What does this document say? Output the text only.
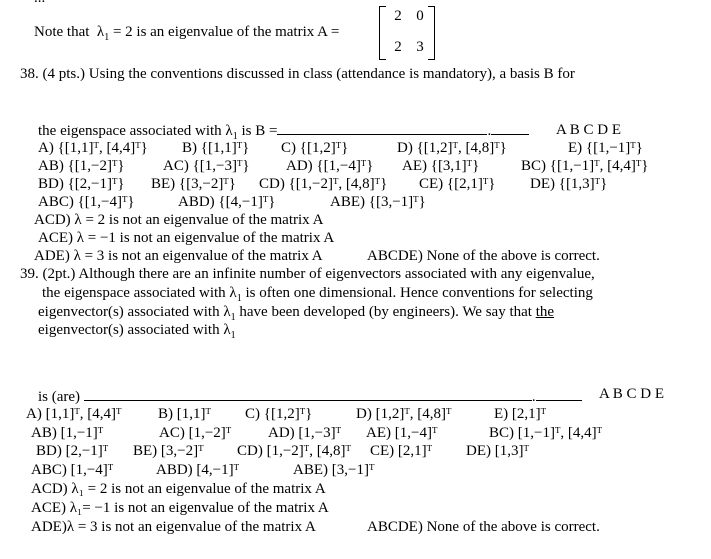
Note that $\lambda_1 = 2$ is an eigenvalue of the matrix A =
2 0
2 3
38. (4 pts.) Using the conventions discussed in class (attendance is mandatory), a basis B for
the eigenspace associated with $\lambda_1$ is B =	.	A B C D E
A) {[1,1]ᵀ, [4,4]ᵀ} B) {[1,1]ᵀ} C) {[1,2]ᵀ}	D) {[1,2]ᵀ, [4,8]ᵀ}	E) {[1,−1]ᵀ}
AB) {[1,−2]ᵀ}	AC) {[1,−3]ᵀ} AD) {[1,−4]ᵀ} AE) {[3,1]ᵀ}	BC) {[1,−1]ᵀ, [4,4]ᵀ}
BD) {[2,−1]ᵀ} BE) {[3,−2]ᵀ} CD) {[1,−2]ᵀ, [4,8]ᵀ} CE) {[2,1]ᵀ} DE) {[1,3]ᵀ}
ABC) {[1,−4]ᵀ}	ABD) {[4,−1]ᵀ}	ABE) {[3,−1]ᵀ}
ACD) λ = 2 is not an eigenvalue of the matrix A
ACE) λ = −1 is not an eigenvalue of the matrix A
ADE) λ = 3 is not an eigenvalue of the matrix A	ABCDE) None of the above is correct.
39. (2pt.) Although there are an infinite number of eigenvectors associated with any eigenvalue,
the eigenspace associated with $\lambda_1$ is often one dimensional. Hence conventions for selecting
eigenvector(s) associated with $\lambda_1$ have been developed (by engineers). We say that the
eigenvector(s) associated with $\lambda_1$
is (are)	.	A B C D E
A) [1,1]ᵀ, [4,4]ᵀ B) [1,1]ᵀ C) {[1,2]ᵀ}	D) [1,2]ᵀ, [4,8]ᵀ	E) [2,1]ᵀ
AB) [1,−1]ᵀ	AC) [1,−2]ᵀ AD) [1,−3]ᵀ AE) [1,−4]ᵀ	BC) [1,−1]ᵀ, [4,4]ᵀ
BD) [2,−1]ᵀ BE) [3,−2]ᵀ CD) [1,−2]ᵀ, [4,8]ᵀ CE) [2,1]ᵀ DE) [1,3]ᵀ
ABC) [1,−4]ᵀ	ABD) [4,−1]ᵀ	ABE) [3,−1]ᵀ
ACD) λ₁ = 2 is not an eigenvalue of the matrix A
ACE) λ₁= −1 is not an eigenvalue of the matrix A
ADE)λ = 3 is not an eigenvalue of the matrix A	ABCDE) None of the above is correct.
